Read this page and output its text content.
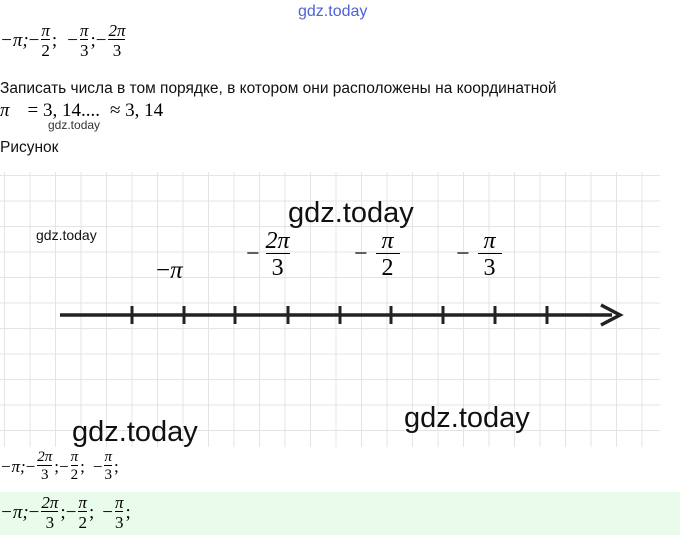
gdz.today
−π; − $\frac{\pi}{2}$ ; − $\frac{\pi}{3}$ ; − $\frac{2\pi}{3}$
Записать числа в том порядке, в котором они расположены на координатной
π = 3, 14.... ≈ 3, 14
gdz.today
Рисунок
gdz.today
gdz.today
− π
− $\frac{2\pi}{3}$	− $\frac{\pi}{2} - \frac{\pi}{3}$
gdz.today
gdz.today
−π; − $\frac{2\pi}{3}$ ; − $\frac{\pi}{2}$ ; − $\frac{\pi}{3}$ ;
−π; − $\frac{2\pi}{3}$ ; − $\frac{\pi}{2}$ ; − $\frac{\pi}{3}$ ;
